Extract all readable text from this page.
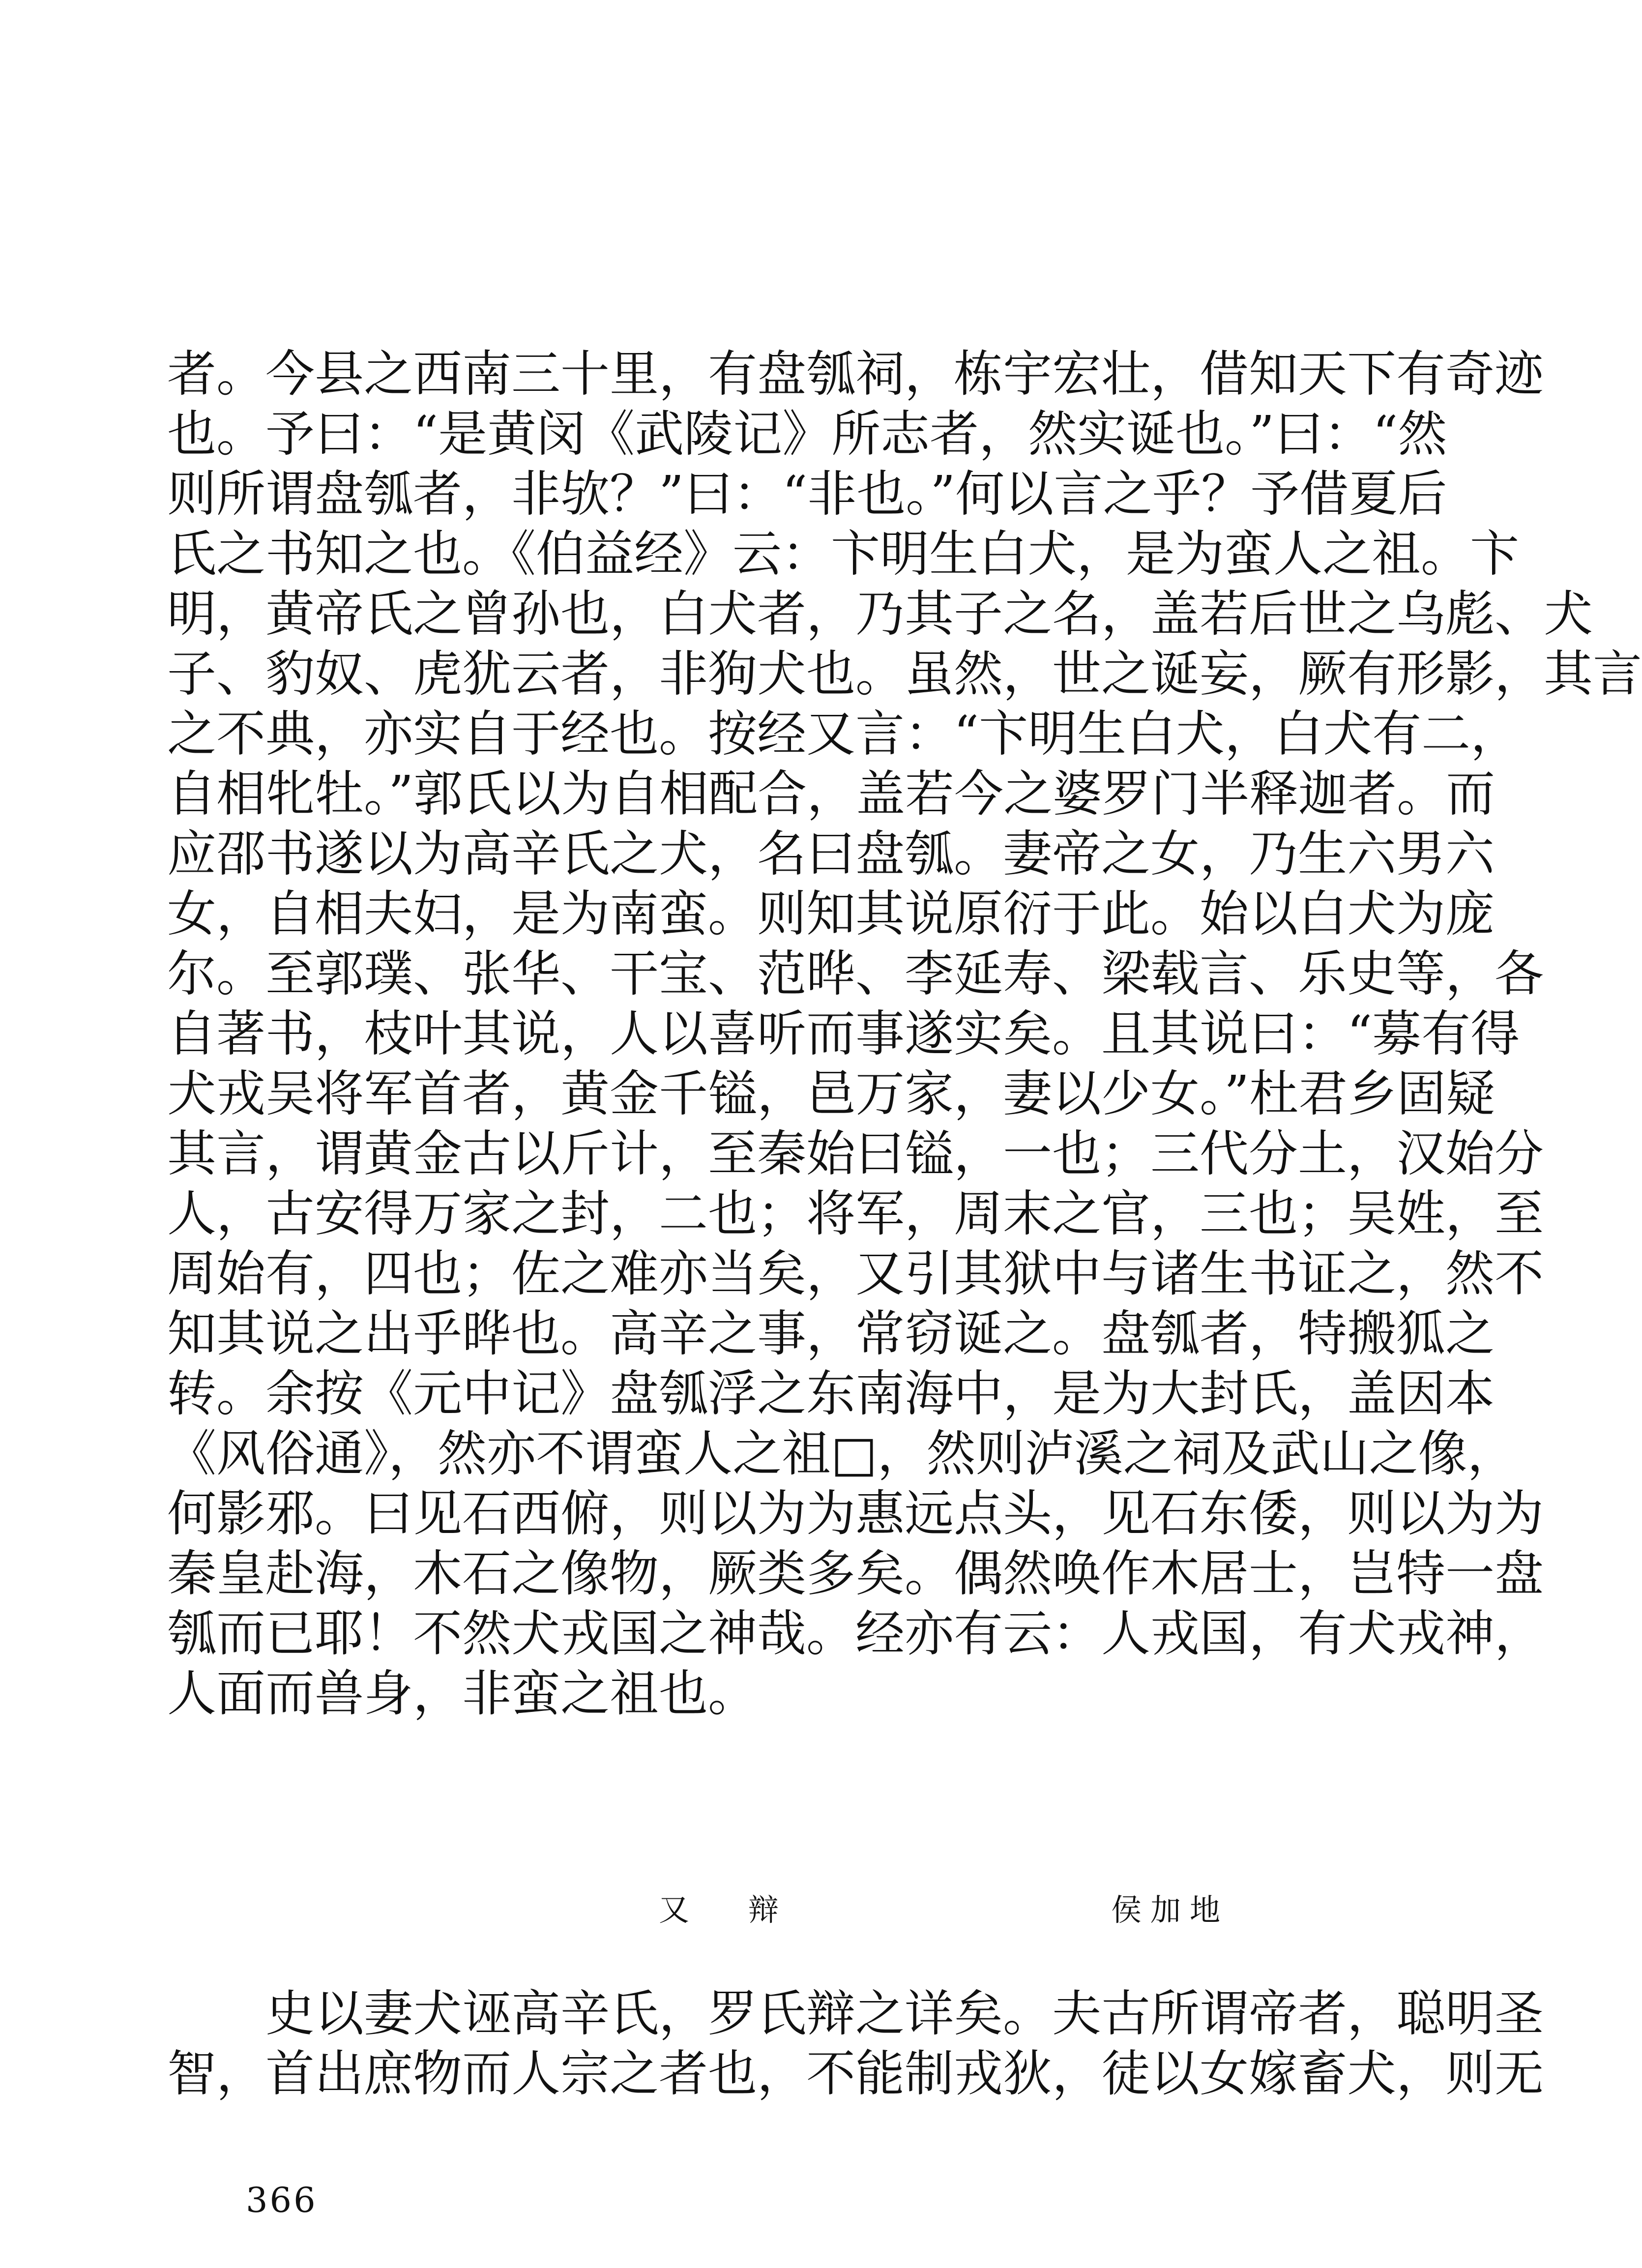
者。今县之西南三十里，有盘瓠祠，栋宇宏壮，借知天下有奇迹
也。予曰：“是黄闵《武陵记》所志者，然实诞也。”曰：“然
则所谓盘瓠者，非欤？”曰：“非也。”何以言之乎？予借夏后
氏之书知之也。《伯益经》云：卞明生白犬，是为蛮人之祖。卞
明，黄帝氏之曾孙也，白犬者，乃其子之名，盖若后世之乌彪、犬
子、豹奴、虎犹云者，非狗犬也。虽然，世之诞妄，厥有形影，其言
之不典，亦实自于经也。按经又言：“卞明生白犬，白犬有二，
自相牝牡。”郭氏以为自相配合，盖若今之婆罗门半释迦者。而
应邵书遂以为高辛氏之犬，名曰盘瓠。妻帝之女，乃生六男六
女，自相夫妇，是为南蛮。则知其说原衍于此。始以白犬为庞
尔。至郭璞、张华、干宝、范晔、李延寿、梁载言、乐史等，各
自著书，枝叶其说，人以喜听而事遂实矣。且其说曰：“募有得
犬戎吴将军首者，黄金千镒，邑万家，妻以少女。”杜君乡固疑
其言，谓黄金古以斤计，至秦始曰镒，一也；三代分土，汉始分
人，古安得万家之封，二也；将军，周末之官，三也；吴姓，至
周始有，四也；佐之难亦当矣，又引其狱中与诸生书证之，然不
知其说之出乎晔也。高辛之事，常窃诞之。盘瓠者，特搬狐之
转。余按《元中记》盘瓠浮之东南海中，是为大封氏，盖因本
《风俗通》，然亦不谓蛮人之祖□，然则泸溪之祠及武山之像，
何影邪。曰见石西俯，则以为为惠远点头，见石东倭，则以为为
秦皇赴海，木石之像物，厥类多矣。偶然唤作木居士，岂特一盘
瓠而已耶！不然犬戎国之神哉。经亦有云：人戎国，有犬戎神，
人面而兽身，非蛮之祖也。
又辩	侯加地
史以妻犬诬高辛氏，罗氏辩之详矣。夫古所谓帝者，聪明圣
智，首出庶物而人宗之者也，不能制戎狄，徒以女嫁畜犬，则无
366
